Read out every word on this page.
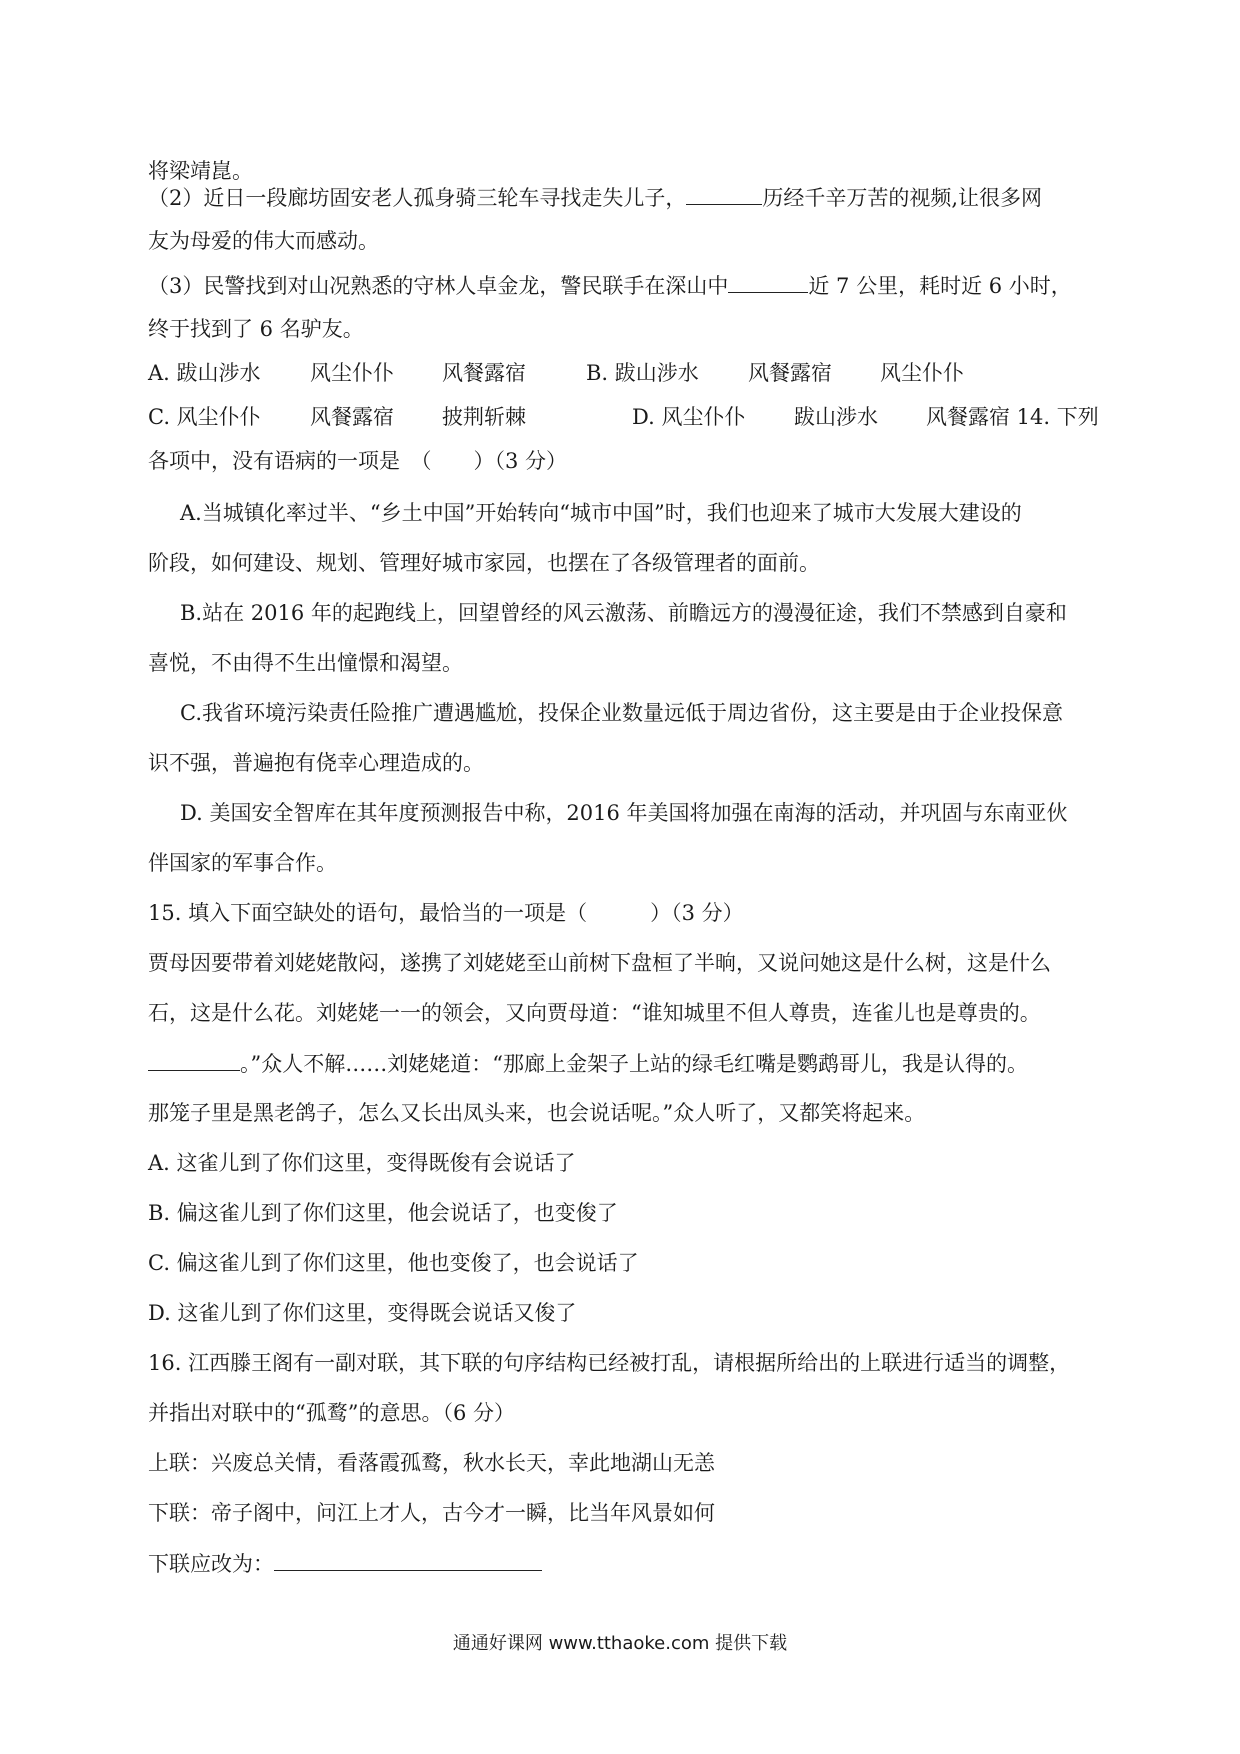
将梁靖崑。
（2）近日一段廊坊固安老人孤身骑三轮车寻找走失儿子，	历经千辛万苦的视频,让很多网
友为母爱的伟大而感动。
（3）民警找到对山况熟悉的守林人卓金龙，警民联手在深山中	近 7 公里，耗时近 6 小时，
终于找到了 6 名驴友。
A. 跋山涉水 风尘仆仆 风餐露宿	B. 跋山涉水 风餐露宿 风尘仆仆
C. 风尘仆仆 风餐露宿 披荆斩棘	D. 风尘仆仆 跋山涉水 风餐露宿 14. 下列
各项中，没有语病的一项是　（　　）（3 分）
A.当城镇化率过半、“乡土中国”开始转向“城市中国”时，我们也迎来了城市大发展大建设的
阶段，如何建设、规划、管理好城市家园，也摆在了各级管理者的面前。
B.站在 2016 年的起跑线上，回望曾经的风云激荡、前瞻远方的漫漫征途，我们不禁感到自豪和
喜悦，不由得不生出憧憬和渴望。
C.我省环境污染责任险推广遭遇尴尬，投保企业数量远低于周边省份，这主要是由于企业投保意
识不强，普遍抱有侥幸心理造成的。
D. 美国安全智库在其年度预测报告中称，2016 年美国将加强在南海的活动，并巩固与东南亚伙
伴国家的军事合作。
15. 填入下面空缺处的语句，最恰当的一项是（　　　）（3 分）
贾母因要带着刘姥姥散闷，遂携了刘姥姥至山前树下盘桓了半晌，又说问她这是什么树，这是什么
石，这是什么花。刘姥姥一一的领会，又向贾母道：“谁知城里不但人尊贵，连雀儿也是尊贵的。
。”众人不解……刘姥姥道：“那廊上金架子上站的绿毛红嘴是鹦鹉哥儿，我是认得的。
那笼子里是黑老鸽子，怎么又长出凤头来，也会说话呢。”众人听了，又都笑将起来。
A. 这雀儿到了你们这里，变得既俊有会说话了
B. 偏这雀儿到了你们这里，他会说话了，也变俊了
C. 偏这雀儿到了你们这里，他也变俊了，也会说话了
D. 这雀儿到了你们这里，变得既会说话又俊了
16. 江西滕王阁有一副对联，其下联的句序结构已经被打乱，请根据所给出的上联进行适当的调整，
并指出对联中的“孤鹜”的意思。（6 分）
上联：兴废总关情，看落霞孤鹜，秋水长天，幸此地湖山无恙
下联：帝子阁中，问江上才人，古今才一瞬，比当年风景如何
下联应改为：
通通好课网 www.tthaoke.com 提供下载
